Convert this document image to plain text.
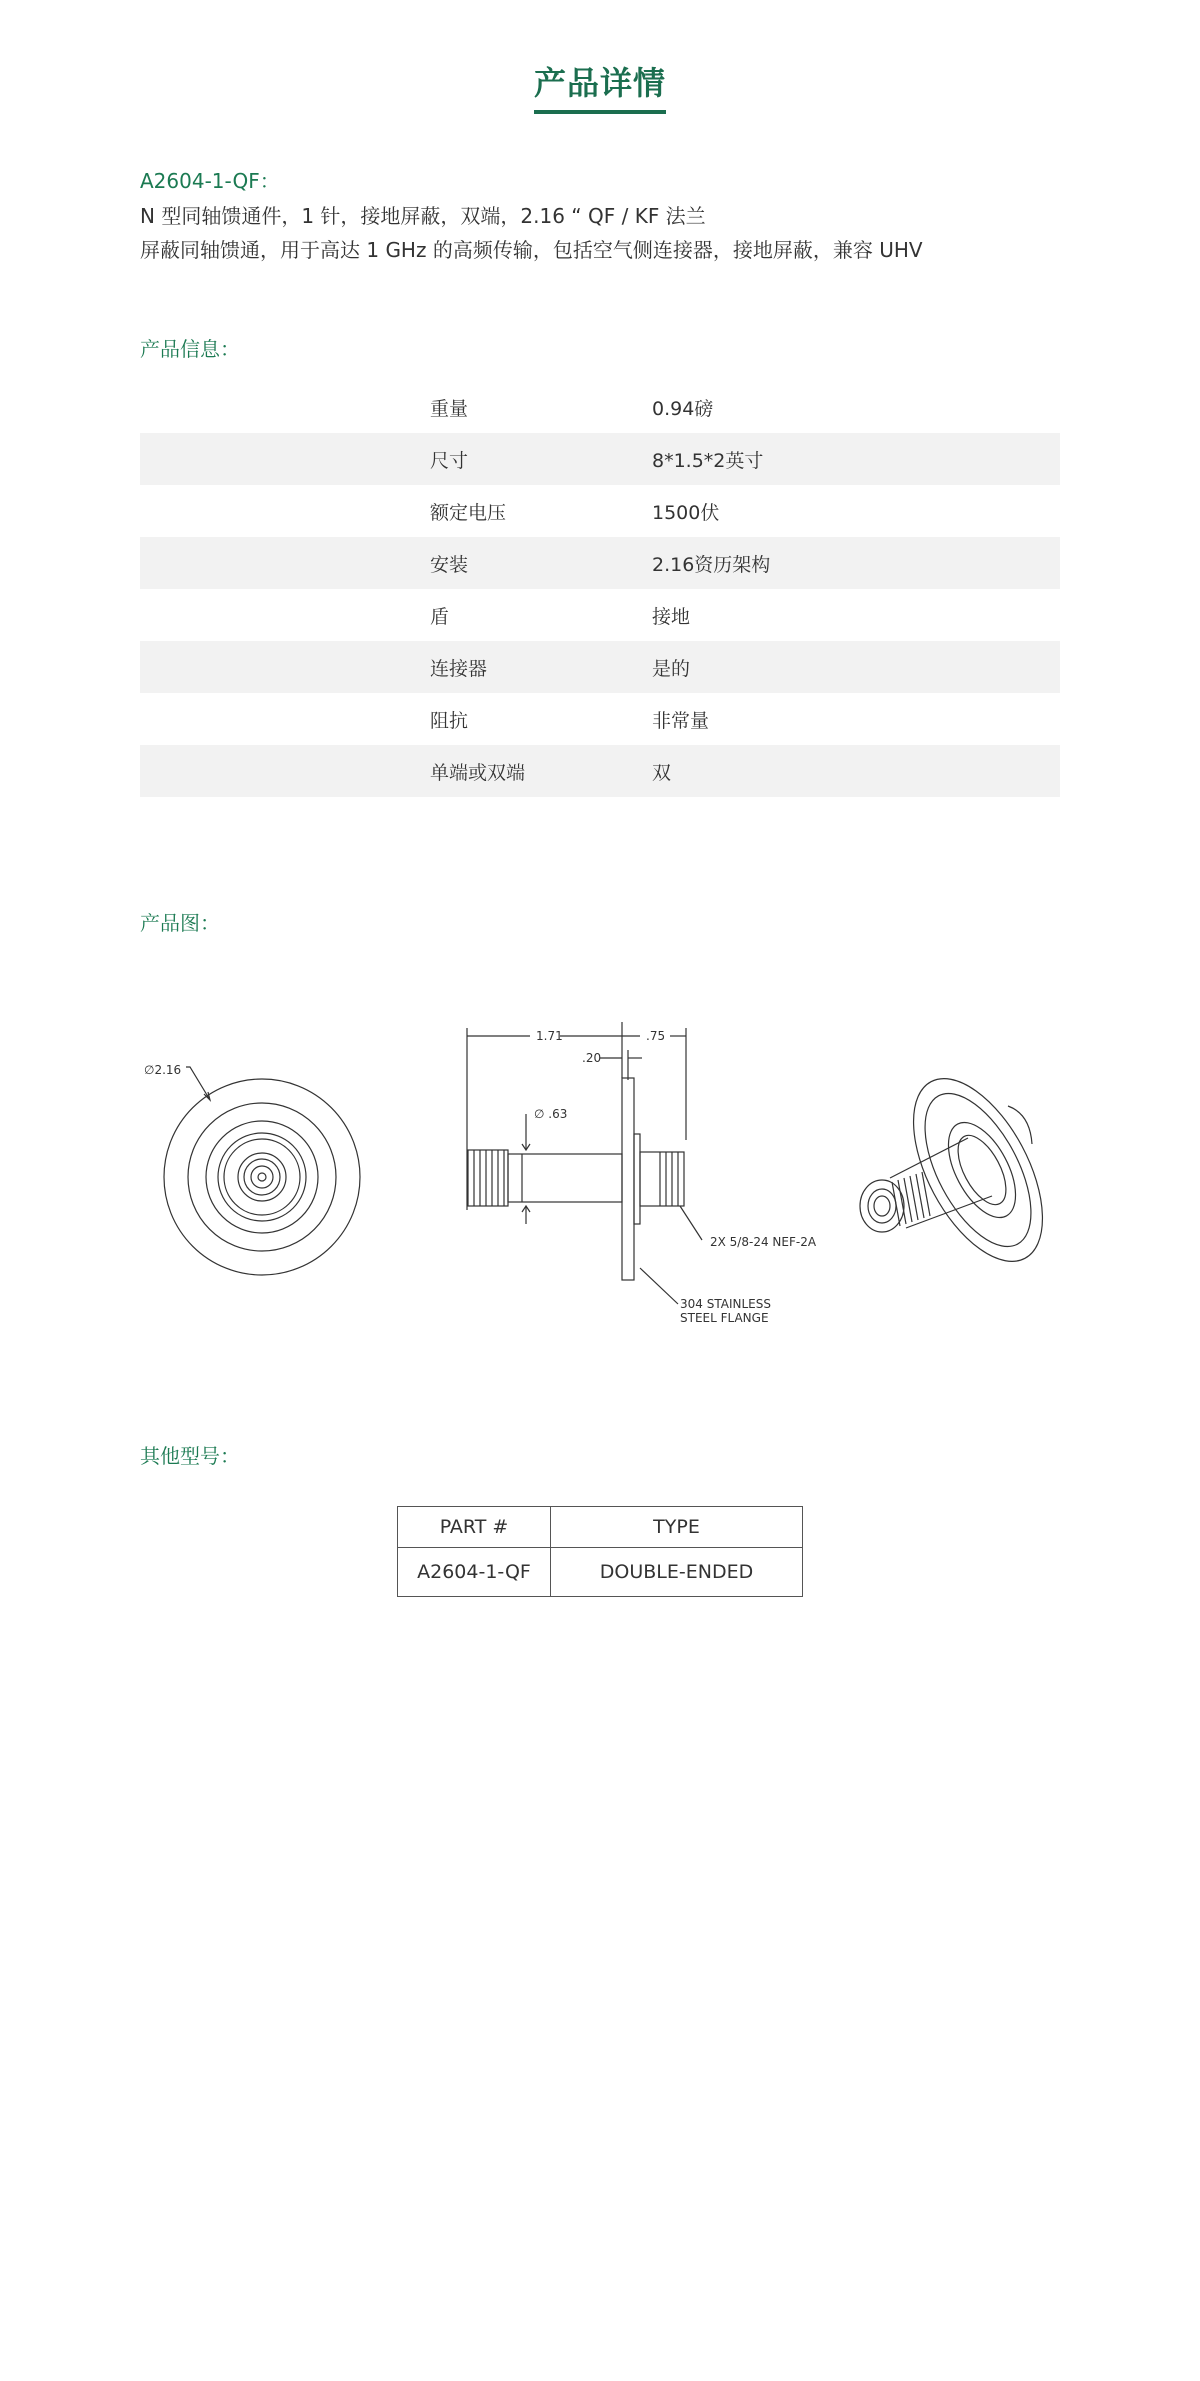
产品详情
A2604-1-QF：
N 型同轴馈通件，1 针，接地屏蔽，双端，2.16 “ QF / KF 法兰
屏蔽同轴馈通，用于高达 1 GHz 的高频传输，包括空气侧连接器，接地屏蔽，兼容 UHV
产品信息：
重量	0.94磅
尺寸	8*1.5*2英寸
额定电压	1500伏
安装	2.16资历架构
盾	接地
连接器	是的
阻抗	非常量
单端或双端	双
产品图：
∅2.16
1.71	.75
.20
∅ .63
2X 5/8-24 NEF-2A
304 STAINLESS
STEEL FLANGE
其他型号：
PART #	TYPE
A2604-1-QF	DOUBLE-ENDED
